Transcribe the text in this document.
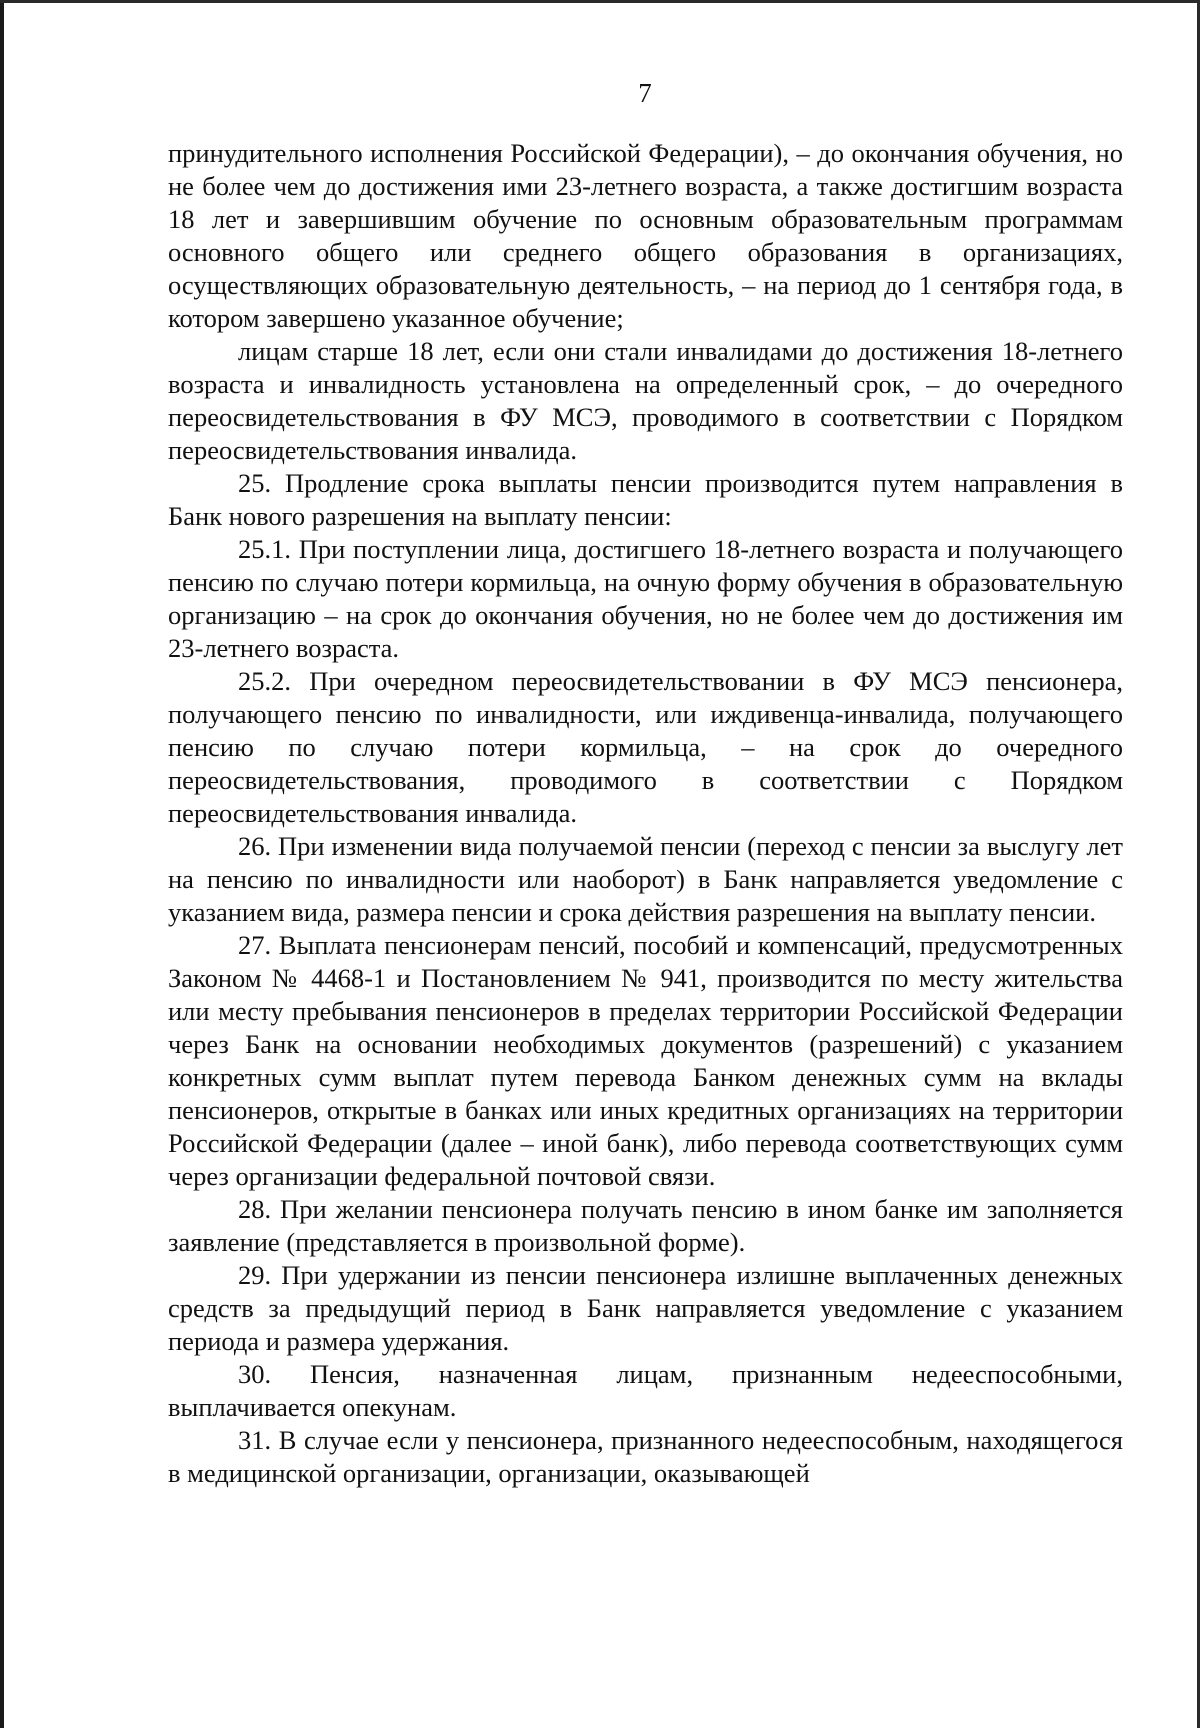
7

принудительного исполнения Российской Федерации), – до окончания обучения, но не более чем до достижения ими 23-летнего возраста, а также достигшим возраста 18 лет и завершившим обучение по основным образовательным программам основного общего или среднего общего образования в организациях, осуществляющих образовательную деятельность, – на период до 1 сентября года, в котором завершено указанное обучение;

лицам старше 18 лет, если они стали инвалидами до достижения 18-летнего возраста и инвалидность установлена на определенный срок, – до очередного переосвидетельствования в ФУ МСЭ, проводимого в соответствии с Порядком переосвидетельствования инвалида.

25. Продление срока выплаты пенсии производится путем направления в Банк нового разрешения на выплату пенсии:

25.1. При поступлении лица, достигшего 18-летнего возраста и получающего пенсию по случаю потери кормильца, на очную форму обучения в образовательную организацию – на срок до окончания обучения, но не более чем до достижения им 23-летнего возраста.

25.2. При очередном переосвидетельствовании в ФУ МСЭ пенсионера, получающего пенсию по инвалидности, или иждивенца-инвалида, получающего пенсию по случаю потери кормильца, – на срок до очередного переосвидетельствования, проводимого в соответствии с Порядком переосвидетельствования инвалида.

26. При изменении вида получаемой пенсии (переход с пенсии за выслугу лет на пенсию по инвалидности или наоборот) в Банк направляется уведомление с указанием вида, размера пенсии и срока действия разрешения на выплату пенсии.

27. Выплата пенсионерам пенсий, пособий и компенсаций, предусмотренных Законом № 4468-1 и Постановлением № 941, производится по месту жительства или месту пребывания пенсионеров в пределах территории Российской Федерации через Банк на основании необходимых документов (разрешений) с указанием конкретных сумм выплат путем перевода Банком денежных сумм на вклады пенсионеров, открытые в банках или иных кредитных организациях на территории Российской Федерации (далее – иной банк), либо перевода соответствующих сумм через организации федеральной почтовой связи.

28. При желании пенсионера получать пенсию в ином банке им заполняется заявление (представляется в произвольной форме).

29. При удержании из пенсии пенсионера излишне выплаченных денежных средств за предыдущий период в Банк направляется уведомление с указанием периода и размера удержания.

30. Пенсия, назначенная лицам, признанным недееспособными, выплачивается опекунам.

31. В случае если у пенсионера, признанного недееспособным, находящегося в медицинской организации, организации, оказывающей
